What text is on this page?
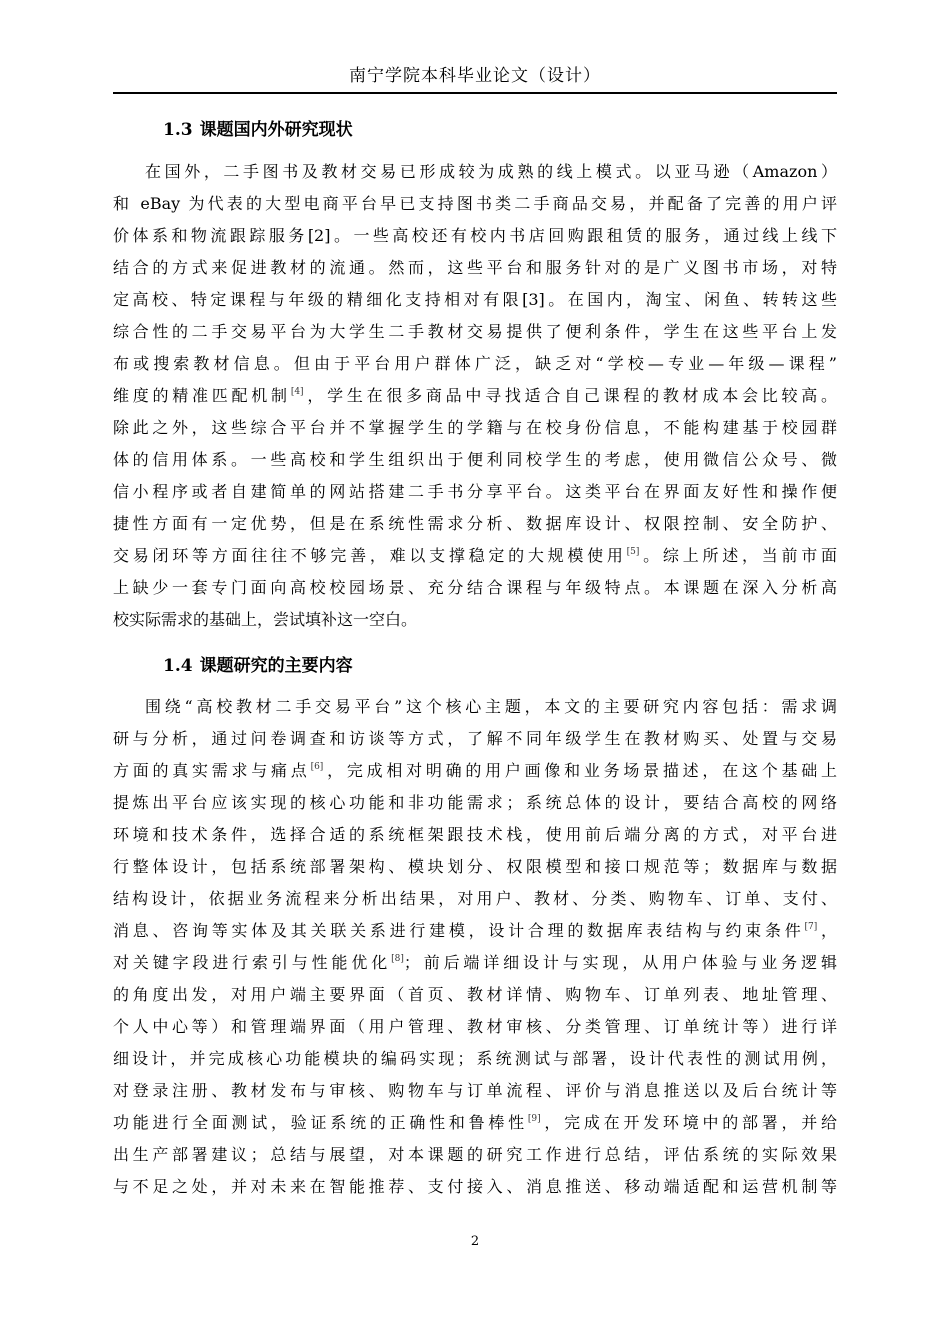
南宁学院本科毕业论文（设计）
1.3 课题国内外研究现状
在国外，二手图书及教材交易已形成较为成熟的线上模式。以亚马逊（Amazon）
和 eBay 为代表的大型电商平台早已支持图书类二手商品交易，并配备了完善的用户评
价体系和物流跟踪服务[2]。一些高校还有校内书店回购跟租赁的服务，通过线上线下
结合的方式来促进教材的流通。然而，这些平台和服务针对的是广义图书市场，对特
定高校、特定课程与年级的精细化支持相对有限[3]。在国内，淘宝、闲鱼、转转这些
综合性的二手交易平台为大学生二手教材交易提供了便利条件，学生在这些平台上发
布或搜索教材信息。但由于平台用户群体广泛，缺乏对“学校—专业—年级—课程”
维度的精准匹配机制[4]，学生在很多商品中寻找适合自己课程的教材成本会比较高。
除此之外，这些综合平台并不掌握学生的学籍与在校身份信息，不能构建基于校园群
体的信用体系。一些高校和学生组织出于便利同校学生的考虑，使用微信公众号、微
信小程序或者自建简单的网站搭建二手书分享平台。这类平台在界面友好性和操作便
捷性方面有一定优势，但是在系统性需求分析、数据库设计、权限控制、安全防护、
交易闭环等方面往往不够完善，难以支撑稳定的大规模使用[5]。综上所述，当前市面
上缺少一套专门面向高校校园场景、充分结合课程与年级特点。本课题在深入分析高
校实际需求的基础上，尝试填补这一空白。
1.4 课题研究的主要内容
围绕“高校教材二手交易平台”这个核心主题，本文的主要研究内容包括：需求调
研与分析，通过问卷调查和访谈等方式，了解不同年级学生在教材购买、处置与交易
方面的真实需求与痛点[6]，完成相对明确的用户画像和业务场景描述，在这个基础上
提炼出平台应该实现的核心功能和非功能需求；系统总体的设计，要结合高校的网络
环境和技术条件，选择合适的系统框架跟技术栈，使用前后端分离的方式，对平台进
行整体设计，包括系统部署架构、模块划分、权限模型和接口规范等；数据库与数据
结构设计，依据业务流程来分析出结果，对用户、教材、分类、购物车、订单、支付、
消息、咨询等实体及其关联关系进行建模，设计合理的数据库表结构与约束条件[7]，
对关键字段进行索引与性能优化[8]；前后端详细设计与实现，从用户体验与业务逻辑
的角度出发，对用户端主要界面（首页、教材详情、购物车、订单列表、地址管理、
个人中心等）和管理端界面（用户管理、教材审核、分类管理、订单统计等）进行详
细设计，并完成核心功能模块的编码实现；系统测试与部署，设计代表性的测试用例，
对登录注册、教材发布与审核、购物车与订单流程、评价与消息推送以及后台统计等
功能进行全面测试，验证系统的正确性和鲁棒性[9]，完成在开发环境中的部署，并给
出生产部署建议；总结与展望，对本课题的研究工作进行总结，评估系统的实际效果
与不足之处，并对未来在智能推荐、支付接入、消息推送、移动端适配和运营机制等
2
